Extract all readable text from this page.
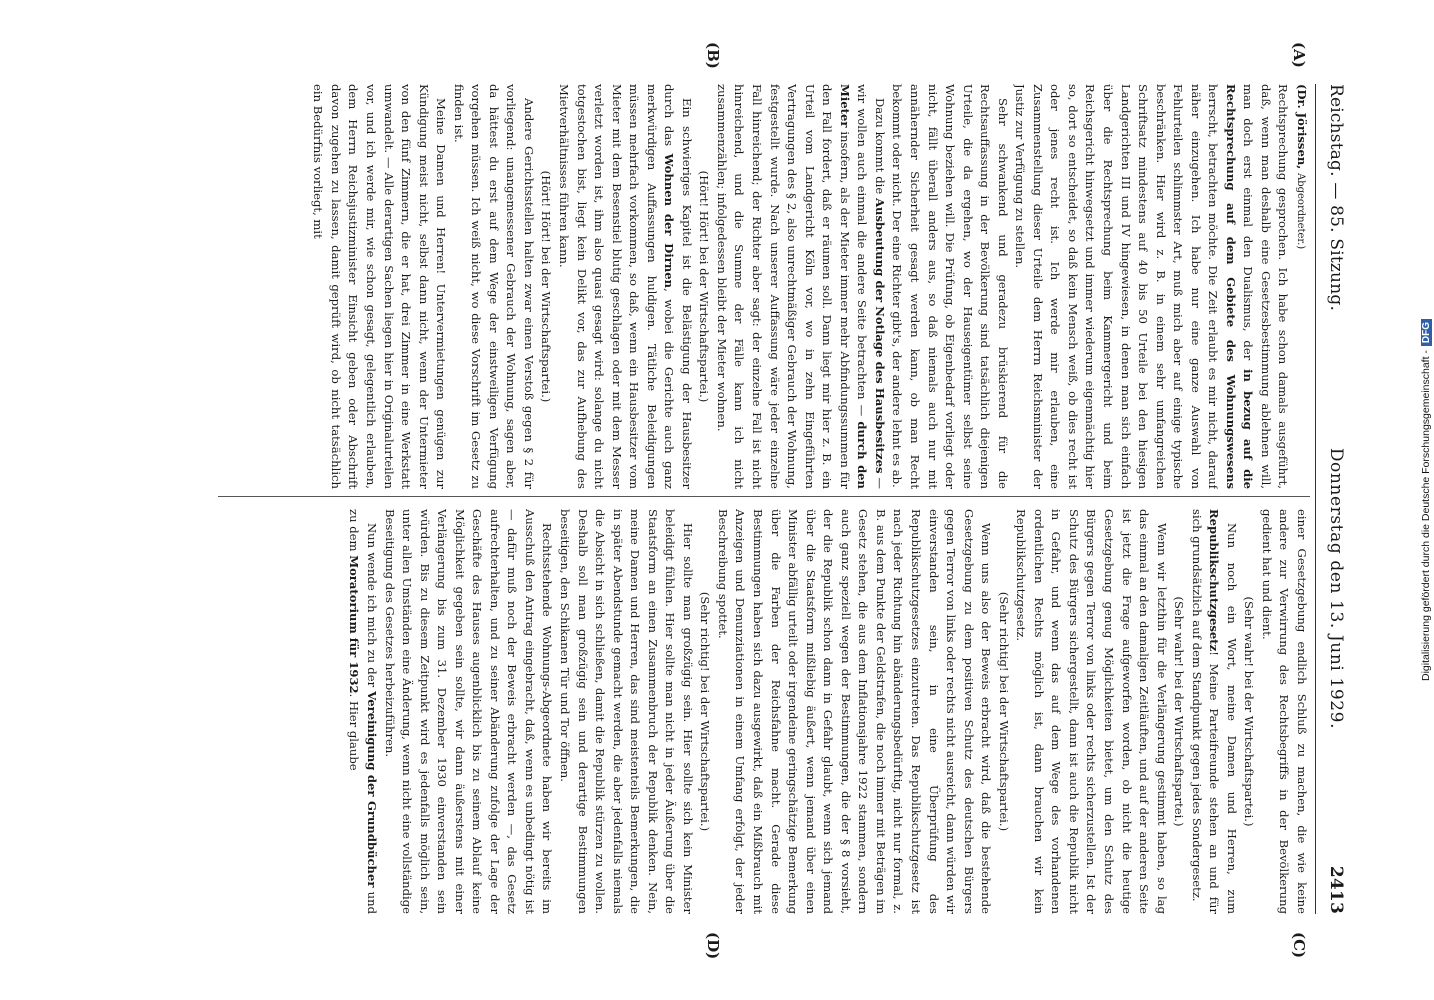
Reichstag. — 85. Sitzung.
Donnerstag den 13. Juni 1929.
2413
(A)
(B)
(C)
(D)

(Dr. Jörissen, Abgeordneter.)

Rechtsprechung gesprochen. Ich habe schon damals ausgeführt, daß, wenn man deshalb eine Gesetzesbestimmung ablehnen will, man doch erst einmal den Dualismus, der in bezug auf die Rechtsprechung auf dem Gebiete des Wohnungswesens herrscht, betrachten möchte. Die Zeit erlaubt es mir nicht, darauf näher einzugehen. Ich habe nur eine ganze Auswahl von Fehlurteilen schlimmster Art, muß mich aber auf einige typische beschränken. Hier wird z. B. in einem sehr umfangreichen Schriftsatz mindestens auf 40 bis 50 Urteile bei den hiesigen Landgerichten III und IV hingewiesen, in denen man sich einfach über die Rechtsprechung beim Kammergericht und beim Reichsgericht hinwegsetzt und immer wiederum eigenmächtig hier so, dort so entscheidet, so daß kein Mensch weiß, ob dies recht ist oder jenes recht ist. Ich werde mir erlauben, eine Zusammenstellung dieser Urteile dem Herrn Reichsminister der Justiz zur Verfügung zu stellen.

Sehr schwankend und geradezu brüskierend für die Rechtsauffassung in der Bevölkerung sind tatsächlich diejenigen Urteile, die da ergehen, wo der Hauseigentümer selbst seine Wohnung beziehen will. Die Prüfung, ob Eigenbedarf vorliegt oder nicht, fällt überall anders aus, so daß niemals auch nur mit annähernder Sicherheit gesagt werden kann, ob man Recht bekommt oder nicht. Der eine Richter gibt's, der andere lehnt es ab.

Dazu kommt die Ausbeutung der Notlage des Hausbesitzes — wir wollen auch einmal die andere Seite betrachten — durch den Mieter insofern, als der Mieter immer mehr Abfindungssummen für den Fall fordert, daß er räumen soll. Dann liegt mir hier z. B. ein Urteil vom Landgericht Köln vor, wo in zehn Eingeführten Vertragungen des § 2, also unrechtmäßiger Gebrauch der Wohnung, festgestellt wurde. Nach unserer Auffassung wäre jeder einzelne Fall hinreichend; der Richter aber sagt: der einzelne Fall ist nicht hinreichend, und die Summe der Fälle kann ich nicht zusammenzählen; infolgedessen bleibt der Mieter wohnen.

(Hört! Hört! bei der Wirtschaftspartei.)

Ein schwieriges Kapitel ist die Belästigung der Hausbesitzer durch das Wohnen der Dirnen, wobei die Gerichte auch ganz merkwürdigen Auffassungen huldigen. Tätliche Beleidigungen müssen mehrfach vorkommen, so daß, wenn ein Hausbesitzer vom Mieter mit dem Besenstiel blutig geschlagen oder mit dem Messer verletzt worden ist, ihm also quasi gesagt wird: solange du nicht totgestochen bist, liegt kein Delikt vor, das zur Aufhebung des Mietverhältnisses führen kann.

(Hört! Hört! bei der Wirtschaftspartei.)

Andere Gerichtsstellen halten zwar einen Verstoß gegen § 2 für vorliegend: unangemessener Gebrauch der Wohnung, sagen aber, da hättest du erst auf dem Wege der einstweiligen Verfügung vorgehen müssen. Ich weiß nicht, wo diese Vorschrift im Gesetz zu finden ist.

Meine Damen und Herren! Untervermietungen genügen zur Kündigung meist nicht, selbst dann nicht, wenn der Untermieter von den fünf Zimmern, die er hat, drei Zimmer in eine Werkstatt umwandelt. — Alle derartigen Sachen liegen hier in Originalurteilen vor, und ich werde mir, wie schon gesagt, gelegentlich erlauben, dem Herrn Reichsjustizminister Einsicht geben oder Abschrift davon zugehen zu lassen, damit geprüft wird, ob nicht tatsächlich ein Bedürfnis vorliegt, mit

einer Gesetzgebung endlich Schluß zu machen, die wie keine andere zur Verwirrung des Rechtsbegriffs in der Bevölkerung gedient hat und dient.

(Sehr wahr! bei der Wirtschaftspartei.)

Nun noch ein Wort, meine Damen und Herren, zum Republikschutzgesetz! Meine Parteifreunde stehen an und für sich grundsätzlich auf dem Standpunkt gegen jedes Sondergesetz.

(Sehr wahr! bei der Wirtschaftspartei.)

Wenn wir letzthin für die Verlängerung gestimmt haben, so lag das einmal an den damaligen Zeitläuften, und auf der anderen Seite ist jetzt die Frage aufgeworfen worden, ob nicht die heutige Gesetzgebung genug Möglichkeiten bietet, um den Schutz des Bürgers gegen Terror von links oder rechts sicherzustellen. Ist der Schutz des Bürgers sichergestellt, dann ist auch die Republik nicht in Gefahr, und wenn das auf dem Wege des vorhandenen ordentlichen Rechts möglich ist, dann brauchen wir kein Republikschutzgesetz.

(Sehr richtig! bei der Wirtschaftspartei.)

Wenn uns also der Beweis erbracht wird, daß die bestehende Gesetzgebung zu dem positiven Schutz des deutschen Bürgers gegen Terror von links oder rechts nicht ausreicht, dann würden wir einverstanden sein, in eine Überprüfung des Republikschutzgesetzes einzutreten. Das Republikschutzgesetz ist nach jeder Richtung hin abänderungsbedürftig, nicht nur formal, z. B. aus dem Punkte der Geldstrafen, die noch immer mit Beträgen im Gesetz stehen, die aus dem Inflationsjahre 1922 stammen, sondern auch ganz speziell wegen der Bestimmungen, die der § 8 vorsieht, der die Republik schon dann in Gefahr glaubt, wenn sich jemand über die Staatsform mißliebig äußert, wenn jemand über einen Minister abfällig urteilt oder irgendeine geringschätzige Bemerkung über die Farben der Reichsfahne macht. Gerade diese Bestimmungen haben sich dazu ausgewirkt, daß ein Mißbrauch mit Anzeigen und Denunziationen in einem Umfang erfolgt, der jeder Beschreibung spottet.

(Sehr richtig! bei der Wirtschaftspartei.)

Hier sollte man großzügig sein. Hier sollte sich kein Minister beleidigt fühlen. Hier sollte man nicht in jeder Äußerung über die Staatsform an einen Zusammenbruch der Republik denken. Nein, meine Damen und Herren, das sind meistenteils Bemerkungen, die in später Abendstunde gemacht werden, die aber jedenfalls niemals die Absicht in sich schließen, damit die Republik stürzen zu wollen. Deshalb soll man großzügig sein und derartige Bestimmungen beseitigen, den Schikanen Tür und Tor öffnen.

Rechtsstehende Wohnungs-Abgeordnete haben wir bereits im Ausschuß den Antrag eingebracht, daß, wenn es unbedingt nötig ist — dafür muß noch der Beweis erbracht werden —, das Gesetz aufrechterhalten, und zu seiner Abänderung zufolge der Lage der Geschäfte des Hauses augenblicklich bis zu seinem Ablauf keine Möglichkeit gegeben sein sollte, wir dann äußerstens mit einer Verlängerung bis zum 31. Dezember 1930 einverstanden sein würden. Bis zu diesem Zeitpunkt wird es jedenfalls möglich sein, unter allen Umständen eine Änderung, wenn nicht eine vollständige Beseitigung des Gesetzes herbeizuführen.

Nun wende ich mich zu der Vereinigung der Grundbücher und zu dem Moratorium für 1932. Hier glaube

Digitalisierung gefördert durch die Deutsche Forschungsgemeinschaft -DFG
